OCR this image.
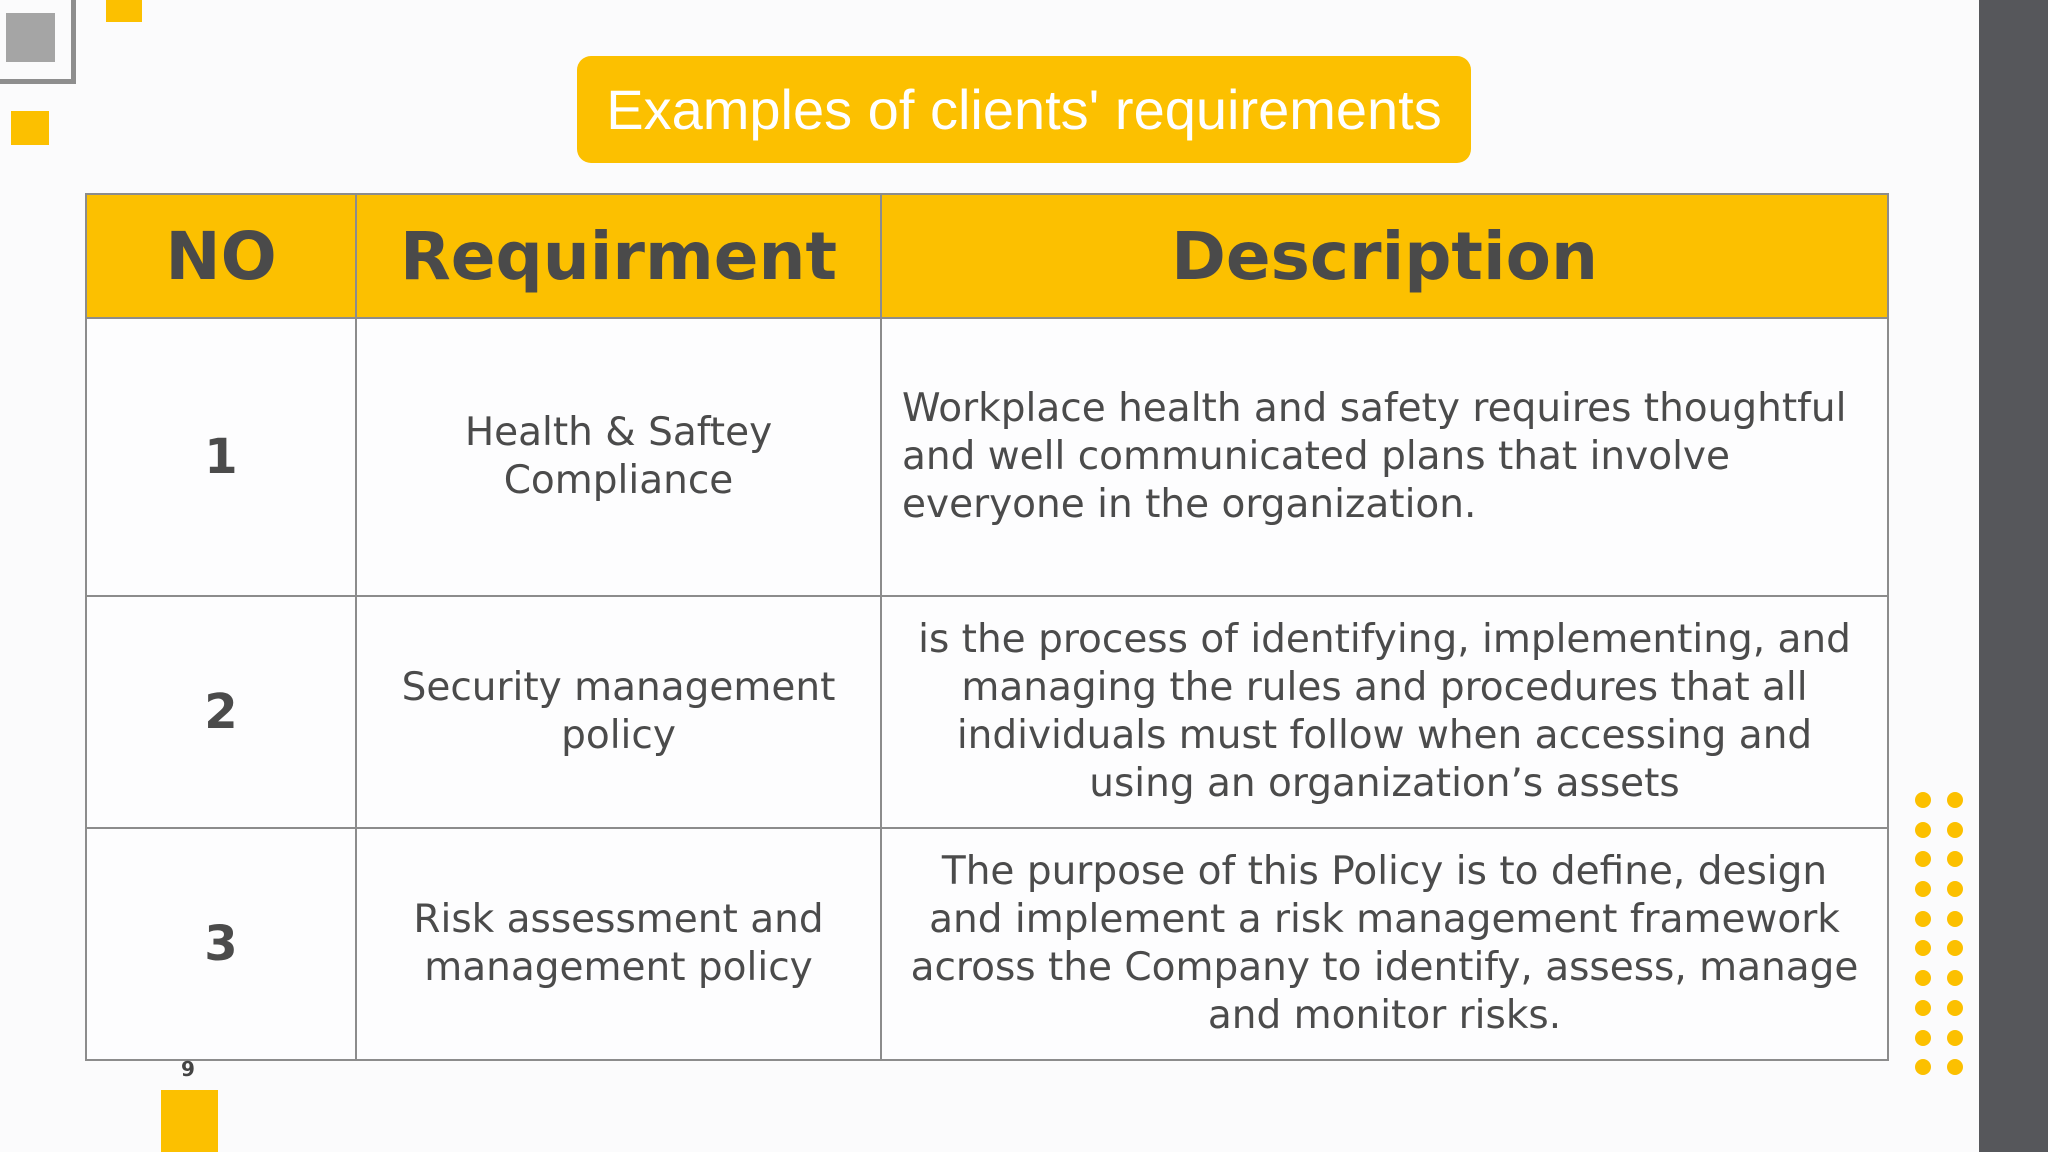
Examples of clients' requirements
NO	Requirment	Description
1	Health & Saftey Compliance	Workplace health and safety requires thoughtful and well communicated plans that involve everyone in the organization.
2	Security management policy	is the process of identifying, implementing, and managing the rules and procedures that all individuals must follow when accessing and using an organization’s assets
3	Risk assessment and management policy	The purpose of this Policy is to define, design and implement a risk management framework across the Company to identify, assess, manage and monitor risks.
9
